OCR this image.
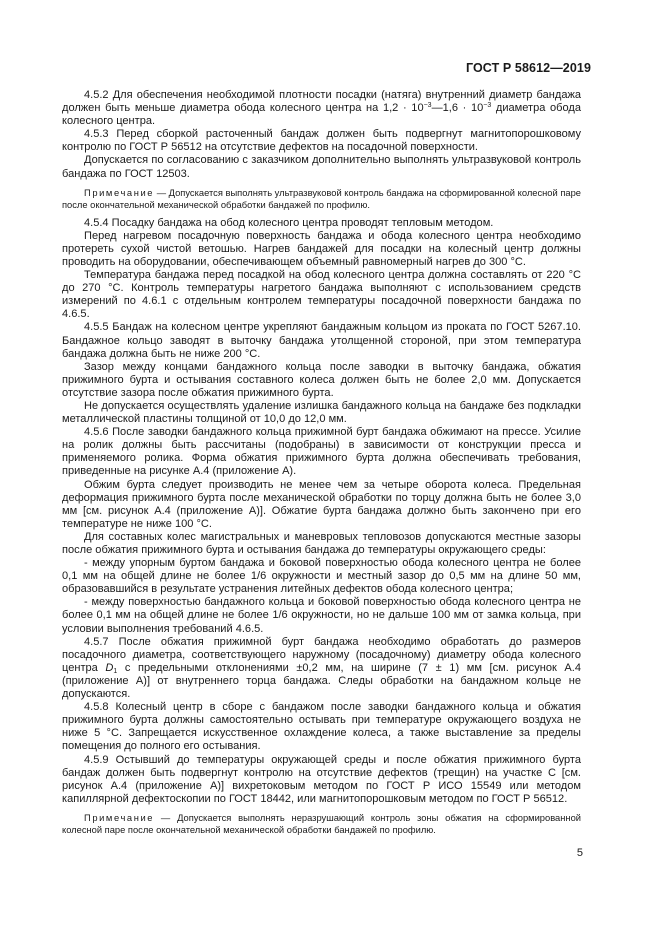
ГОСТ Р 58612—2019

4.5.2 Для обеспечения необходимой плотности посадки (натяга) внутренний диаметр бандажа должен быть меньше диаметра обода колесного центра на $1,2 \cdot 10^{-3}—1,6 \cdot 10^{-3}$ диаметра обода колесного центра.

4.5.3 Перед сборкой расточенный бандаж должен быть подвергнут магнитопорошковому контролю по ГОСТ Р 56512 на отсутствие дефектов на посадочной поверхности.

Допускается по согласованию с заказчиком дополнительно выполнять ультразвуковой контроль бандажа по ГОСТ 12503.

Примечание — Допускается выполнять ультразвуковой контроль бандажа на сформированной колесной паре после окончательной механической обработки бандажей по профилю.

4.5.4 Посадку бандажа на обод колесного центра проводят тепловым методом.

Перед нагревом посадочную поверхность бандажа и обода колесного центра необходимо протереть сухой чистой ветошью. Нагрев бандажей для посадки на колесный центр должны проводить на оборудовании, обеспечивающем объемный равномерный нагрев до 300 °С.

Температура бандажа перед посадкой на обод колесного центра должна составлять от 220 °С до 270 °С. Контроль температуры нагретого бандажа выполняют с использованием средств измерений по 4.6.1 с отдельным контролем температуры посадочной поверхности бандажа по 4.6.5.

4.5.5 Бандаж на колесном центре укрепляют бандажным кольцом из проката по ГОСТ 5267.10. Бандажное кольцо заводят в выточку бандажа утолщенной стороной, при этом температура бандажа должна быть не ниже 200 °С.

Зазор между концами бандажного кольца после заводки в выточку бандажа, обжатия прижимного бурта и остывания составного колеса должен быть не более 2,0 мм. Допускается отсутствие зазора после обжатия прижимного бурта.

Не допускается осуществлять удаление излишка бандажного кольца на бандаже без подкладки металлической пластины толщиной от 10,0 до 12,0 мм.

4.5.6 После заводки бандажного кольца прижимной бурт бандажа обжимают на прессе. Усилие на ролик должны быть рассчитаны (подобраны) в зависимости от конструкции пресса и применяемого ролика. Форма обжатия прижимного бурта должна обеспечивать требования, приведенные на рисунке А.4 (приложение А).

Обжим бурта следует производить не менее чем за четыре оборота колеса. Предельная деформация прижимного бурта после механической обработки по торцу должна быть не более 3,0 мм [см. рисунок А.4 (приложение А)]. Обжатие бурта бандажа должно быть закончено при его температуре не ниже 100 °С.

Для составных колес магистральных и маневровых тепловозов допускаются местные зазоры после обжатия прижимного бурта и остывания бандажа до температуры окружающего среды:

- между упорным буртом бандажа и боковой поверхностью обода колесного центра не более 0,1 мм на общей длине не более 1/6 окружности и местный зазор до 0,5 мм на длине 50 мм, образовавшийся в результате устранения литейных дефектов обода колесного центра;

- между поверхностью бандажного кольца и боковой поверхностью обода колесного центра не более 0,1 мм на общей длине не более 1/6 окружности, но не дальше 100 мм от замка кольца, при условии выполнения требований 4.6.5.

4.5.7 После обжатия прижимной бурт бандажа необходимо обработать до размеров посадочного диаметра, соответствующего наружному (посадочному) диаметру обода колесного центра $D_1$ с предельными отклонениями ±0,2 мм, на ширине (7 ± 1) мм [см. рисунок А.4 (приложение А)] от внутреннего торца бандажа. Следы обработки на бандажном кольце не допускаются.

4.5.8 Колесный центр в сборе с бандажом после заводки бандажного кольца и обжатия прижимного бурта должны самостоятельно остывать при температуре окружающего воздуха не ниже 5 °С. Запрещается искусственное охлаждение колеса, а также выставление за пределы помещения до полного его остывания.

4.5.9 Остывший до температуры окружающей среды и после обжатия прижимного бурта бандаж должен быть подвергнут контролю на отсутствие дефектов (трещин) на участке С [см. рисунок А.4 (приложение А)] вихретоковым методом по ГОСТ Р ИСО 15549 или методом капиллярной дефектоскопии по ГОСТ 18442, или магнитопорошковым методом по ГОСТ Р 56512.

Примечание — Допускается выполнять неразрушающий контроль зоны обжатия на сформированной колесной паре после окончательной механической обработки бандажей по профилю.

5
